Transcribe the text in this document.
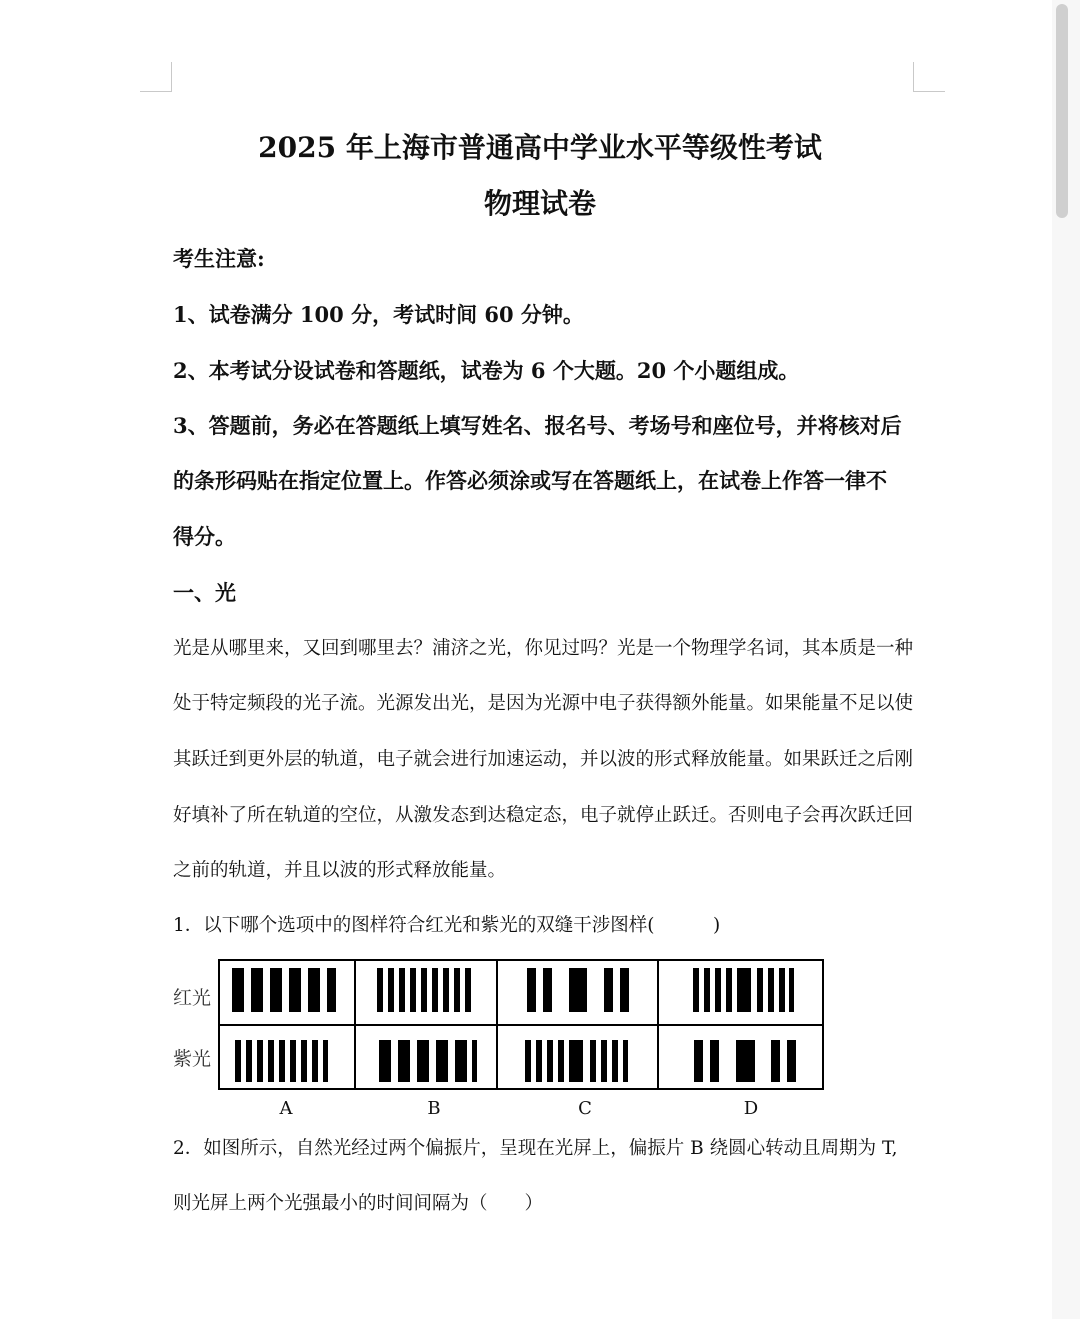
2025 年上海市普通高中学业水平等级性考试
物理试卷
考生注意:
1、试卷满分 100 分，考试时间 60 分钟。
2、本考试分设试卷和答题纸，试卷为 6 个大题。20 个小题组成。
3、答题前，务必在答题纸上填写姓名、报名号、考场号和座位号，并将核对后
的条形码贴在指定位置上。作答必须涂或写在答题纸上，在试卷上作答一律不
得分。
一、光
光是从哪里来，又回到哪里去？浦济之光，你见过吗？光是一个物理学名词，其本质是一种
处于特定频段的光子流。光源发出光，是因为光源中电子获得额外能量。如果能量不足以使
其跃迁到更外层的轨道，电子就会进行加速运动，并以波的形式释放能量。如果跃迁之后刚
好填补了所在轨道的空位，从激发态到达稳定态，电子就停止跃迁。否则电子会再次跃迁回
之前的轨道，并且以波的形式释放能量。
1．以下哪个选项中的图样符合红光和紫光的双缝干涉图样(	)
红光
紫光
A	B	C	D
2．如图所示，自然光经过两个偏振片，呈现在光屏上，偏振片 B 绕圆心转动且周期为 T,
则光屏上两个光强最小的时间间隔为（　　）
